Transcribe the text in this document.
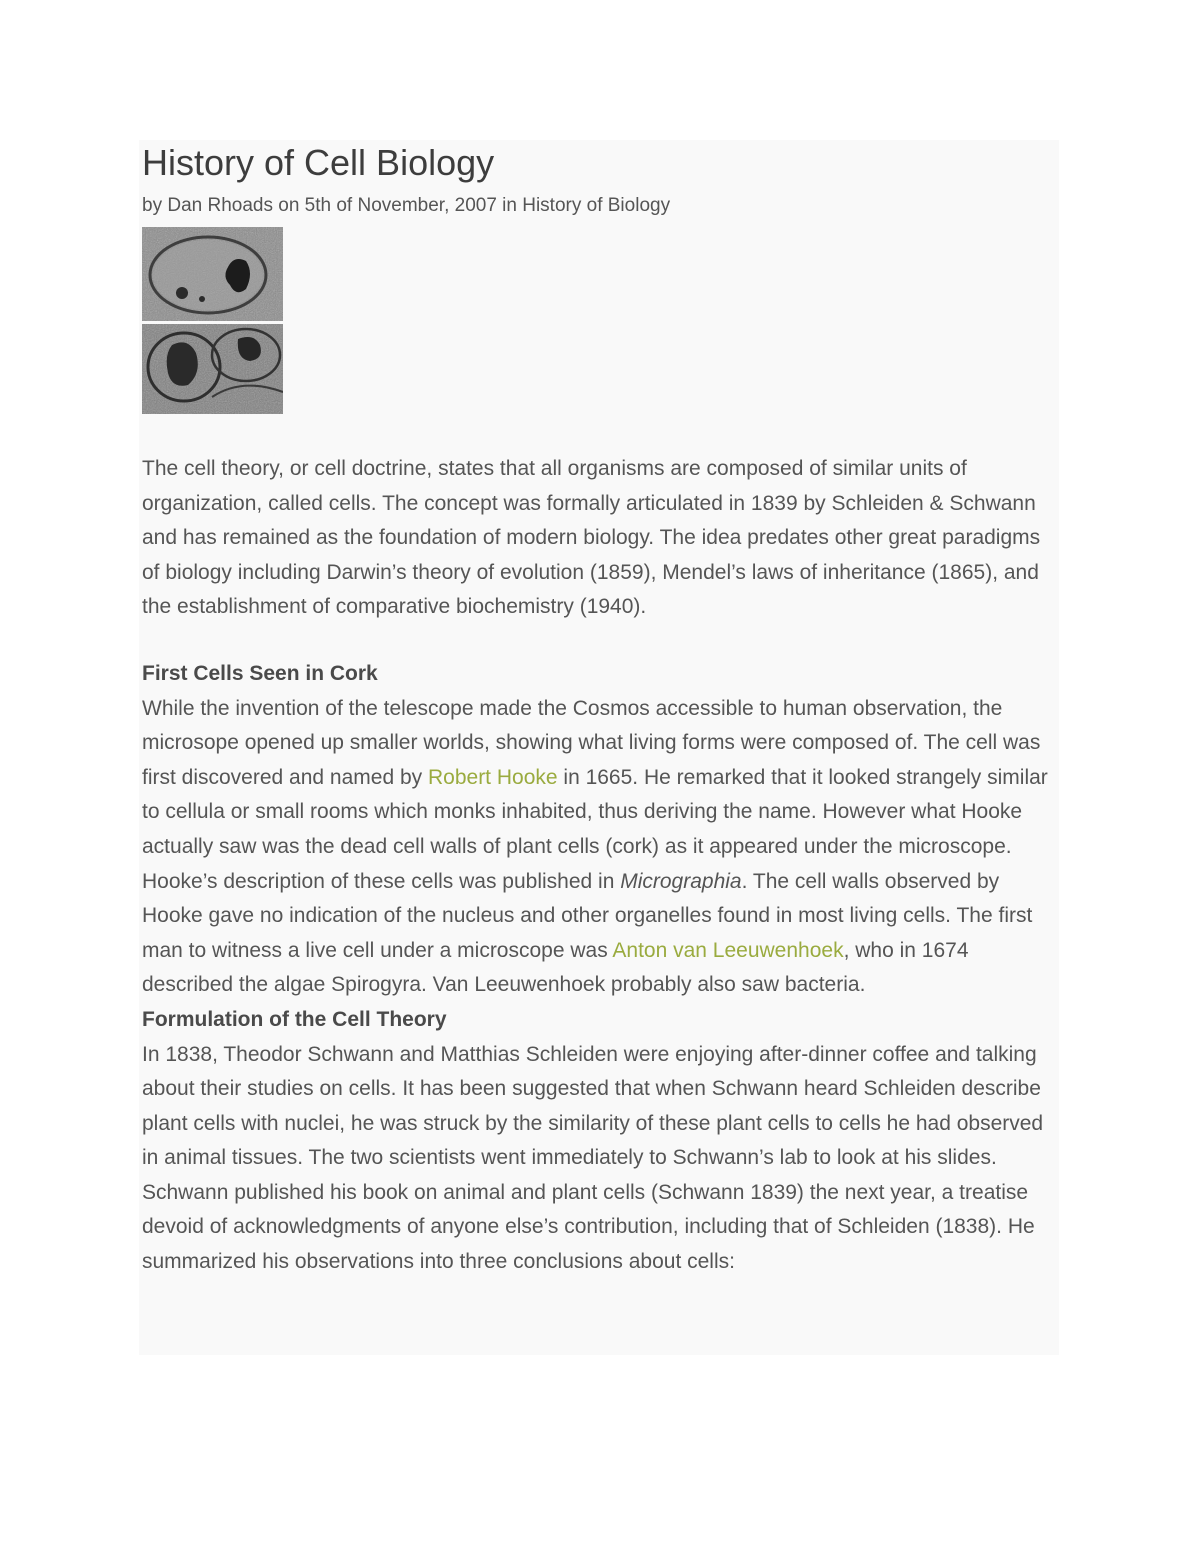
History of Cell Biology

by Dan Rhoads on 5th of November, 2007 in History of Biology

The cell theory, or cell doctrine, states that all organisms are composed of similar units of organization, called cells. The concept was formally articulated in 1839 by Schleiden & Schwann and has remained as the foundation of modern biology. The idea predates other great paradigms of biology including Darwin’s theory of evolution (1859), Mendel’s laws of inheritance (1865), and the establishment of comparative biochemistry (1940).

First Cells Seen in Cork

While the invention of the telescope made the Cosmos accessible to human observation, the microsope opened up smaller worlds, showing what living forms were composed of. The cell was first discovered and named by Robert Hooke in 1665. He remarked that it looked strangely similar to cellula or small rooms which monks inhabited, thus deriving the name. However what Hooke actually saw was the dead cell walls of plant cells (cork) as it appeared under the microscope. Hooke’s description of these cells was published in Micrographia. The cell walls observed by Hooke gave no indication of the nucleus and other organelles found in most living cells. The first man to witness a live cell under a microscope was Anton van Leeuwenhoek, who in 1674 described the algae Spirogyra. Van Leeuwenhoek probably also saw bacteria.

Formulation of the Cell Theory

In 1838, Theodor Schwann and Matthias Schleiden were enjoying after-dinner coffee and talking about their studies on cells. It has been suggested that when Schwann heard Schleiden describe plant cells with nuclei, he was struck by the similarity of these plant cells to cells he had observed in animal tissues. The two scientists went immediately to Schwann’s lab to look at his slides. Schwann published his book on animal and plant cells (Schwann 1839) the next year, a treatise devoid of acknowledgments of anyone else’s contribution, including that of Schleiden (1838). He summarized his observations into three conclusions about cells:
